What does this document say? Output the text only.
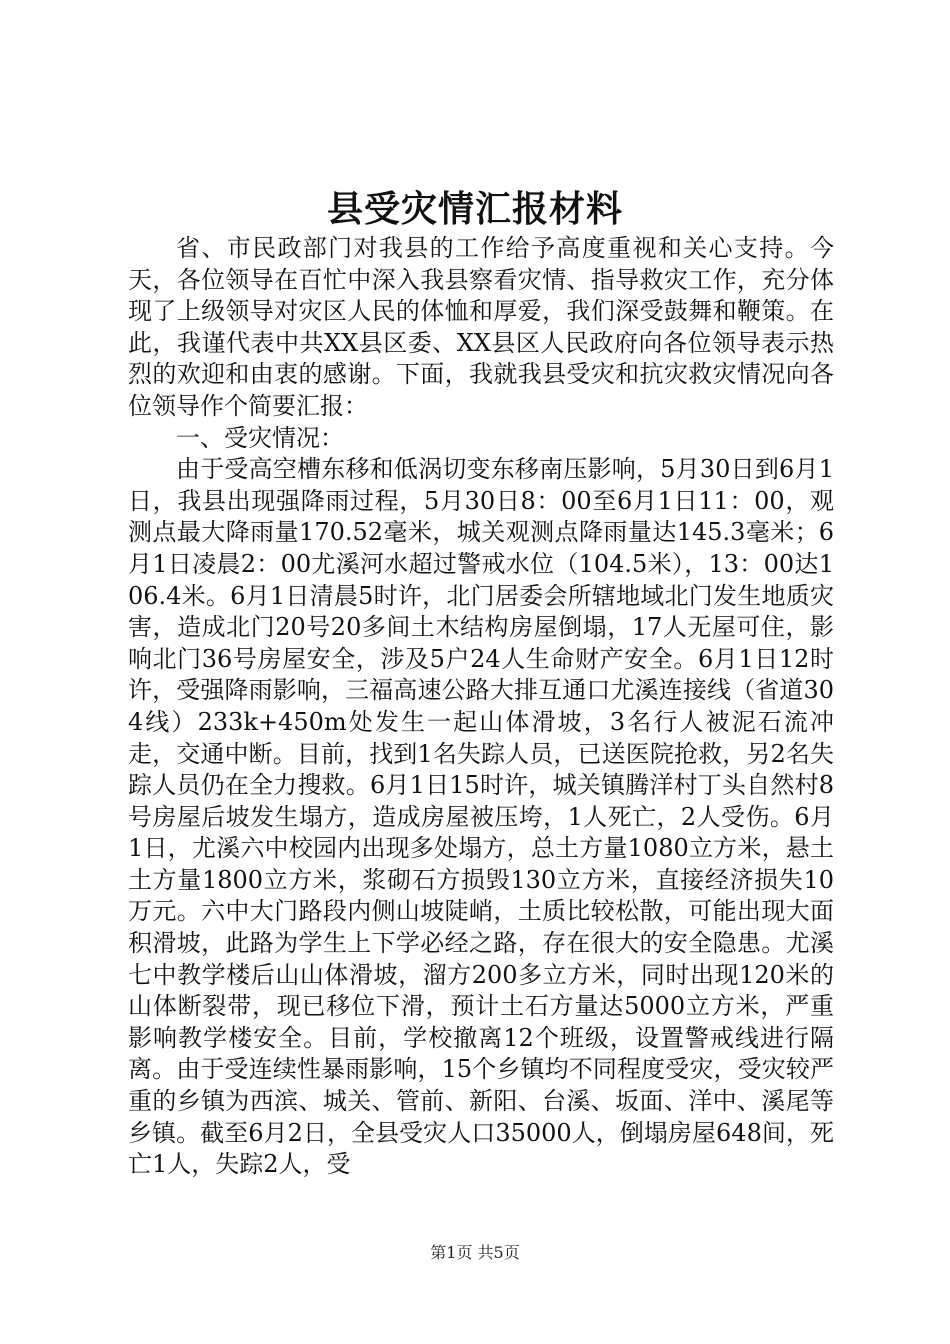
县受灾情汇报材料

省、市民政部门对我县的工作给予高度重视和关心支持。今天，各位领导在百忙中深入我县察看灾情、指导救灾工作，充分体现了上级领导对灾区人民的体恤和厚爱，我们深受鼓舞和鞭策。在此，我谨代表中共XX县区委、XX县区人民政府向各位领导表示热烈的欢迎和由衷的感谢。下面，我就我县受灾和抗灾救灾情况向各位领导作个简要汇报：

一、受灾情况：

由于受高空槽东移和低涡切变东移南压影响，5月30日到6月1日，我县出现强降雨过程，5月30日8：00至6月1日11：00，观测点最大降雨量170.52毫米，城关观测点降雨量达145.3毫米；6月1日凌晨2：00尤溪河水超过警戒水位（104.5米），13：00达106.4米。6月1日清晨5时许，北门居委会所辖地域北门发生地质灾害，造成北门20号20多间土木结构房屋倒塌，17人无屋可住，影响北门36号房屋安全，涉及5户24人生命财产安全。6月1日12时许，受强降雨影响，三福高速公路大排互通口尤溪连接线（省道304线）233k+450m处发生一起山体滑坡，3名行人被泥石流冲走，交通中断。目前，找到1名失踪人员，已送医院抢救，另2名失踪人员仍在全力搜救。6月1日15时许，城关镇腾洋村丁头自然村8号房屋后坡发生塌方，造成房屋被压垮，1人死亡，2人受伤。6月1日，尤溪六中校园内出现多处塌方，总土方量1080立方米，悬土土方量1800立方米，浆砌石方损毁130立方米，直接经济损失10万元。六中大门路段内侧山坡陡峭，土质比较松散，可能出现大面积滑坡，此路为学生上下学必经之路，存在很大的安全隐患。尤溪七中教学楼后山山体滑坡，溜方200多立方米，同时出现120米的山体断裂带，现已移位下滑，预计土石方量达5000立方米，严重影响教学楼安全。目前，学校撤离12个班级，设置警戒线进行隔离。由于受连续性暴雨影响，15个乡镇均不同程度受灾，受灾较严重的乡镇为西滨、城关、管前、新阳、台溪、坂面、洋中、溪尾等乡镇。截至6月2日，全县受灾人口35000人，倒塌房屋648间，死亡1人，失踪2人，受

第1页 共5页
